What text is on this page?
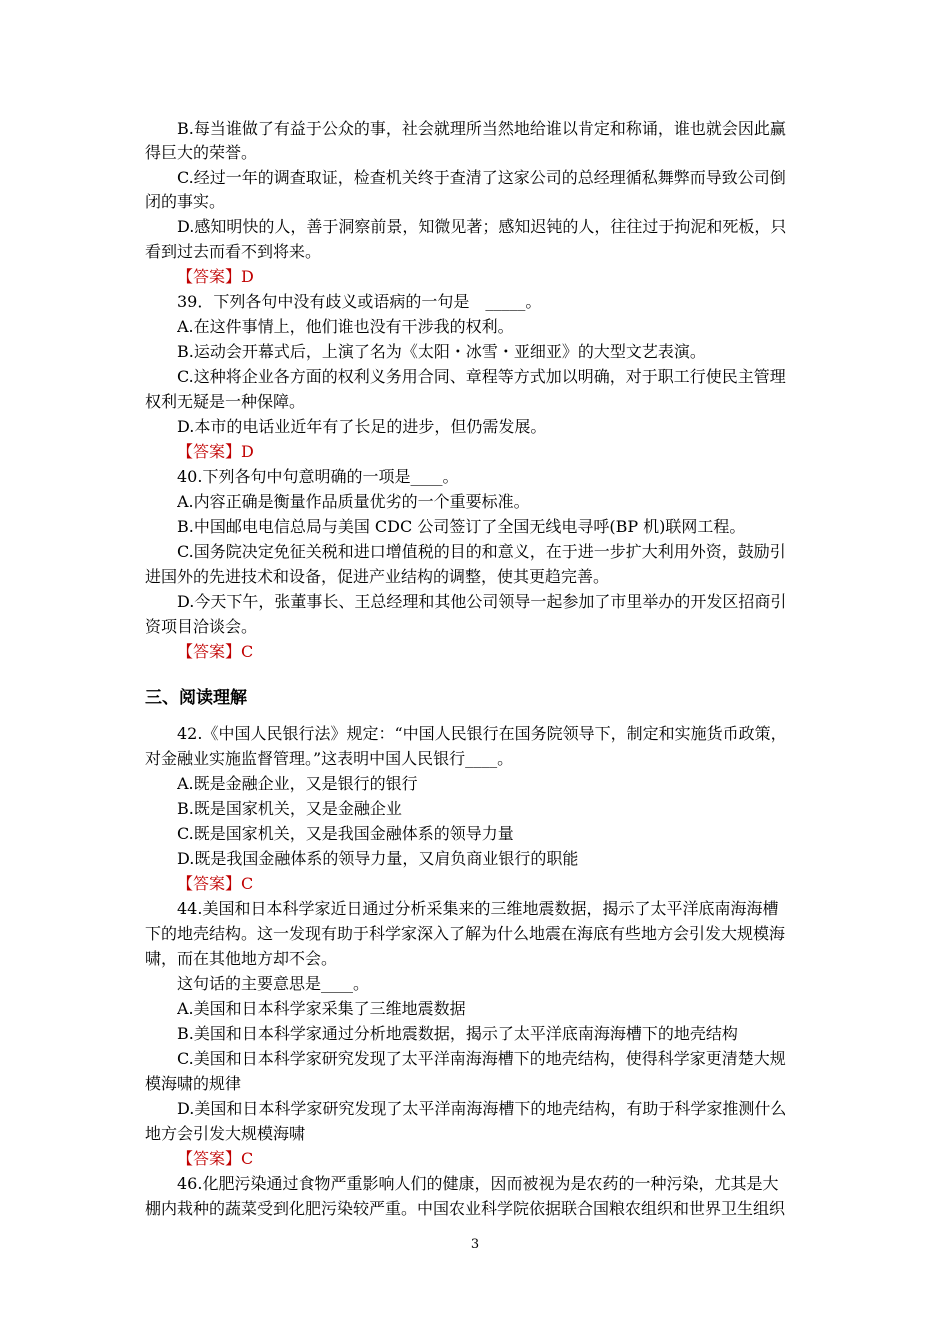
B.每当谁做了有益于公众的事，社会就理所当然地给谁以肯定和称诵，谁也就会因此赢
得巨大的荣誉。
C.经过一年的调查取证，检查机关终于查清了这家公司的总经理循私舞弊而导致公司倒
闭的事实。
D.感知明快的人，善于洞察前景，知微见著；感知迟钝的人，往往过于拘泥和死板，只
看到过去而看不到将来。
【答案】D
39．下列各句中没有歧义或语病的一句是　_____。
A.在这件事情上，他们谁也没有干涉我的权利。
B.运动会开幕式后，上演了名为《太阳・冰雪・亚细亚》的大型文艺表演。
C.这种将企业各方面的权利义务用合同、章程等方式加以明确，对于职工行使民主管理
权利无疑是一种保障。
D.本市的电话业近年有了长足的进步，但仍需发展。
【答案】D
40.下列各句中句意明确的一项是____。
A.内容正确是衡量作品质量优劣的一个重要标准。
B.中国邮电电信总局与美国 CDC 公司签订了全国无线电寻呼(BP 机)联网工程。
C.国务院决定免征关税和进口增值税的目的和意义，在于进一步扩大利用外资，鼓励引
进国外的先进技术和设备，促进产业结构的调整，使其更趋完善。
D.今天下午，张董事长、王总经理和其他公司领导一起参加了市里举办的开发区招商引
资项目洽谈会。
【答案】C
三、阅读理解
42.《中国人民银行法》规定：“中国人民银行在国务院领导下，制定和实施货币政策，
对金融业实施监督管理。”这表明中国人民银行____。
A.既是金融企业，又是银行的银行
B.既是国家机关，又是金融企业
C.既是国家机关，又是我国金融体系的领导力量
D.既是我国金融体系的领导力量，又肩负商业银行的职能
【答案】C
44.美国和日本科学家近日通过分析采集来的三维地震数据，揭示了太平洋底南海海槽
下的地壳结构。这一发现有助于科学家深入了解为什么地震在海底有些地方会引发大规模海
啸，而在其他地方却不会。
这句话的主要意思是____。
A.美国和日本科学家采集了三维地震数据
B.美国和日本科学家通过分析地震数据，揭示了太平洋底南海海槽下的地壳结构
C.美国和日本科学家研究发现了太平洋南海海槽下的地壳结构，使得科学家更清楚大规
模海啸的规律
D.美国和日本科学家研究发现了太平洋南海海槽下的地壳结构，有助于科学家推测什么
地方会引发大规模海啸
【答案】C
46.化肥污染通过食物严重影响人们的健康，因而被视为是农药的一种污染，尤其是大
棚内栽种的蔬菜受到化肥污染较严重。中国农业科学院依据联合国粮农组织和世界卫生组织
3
